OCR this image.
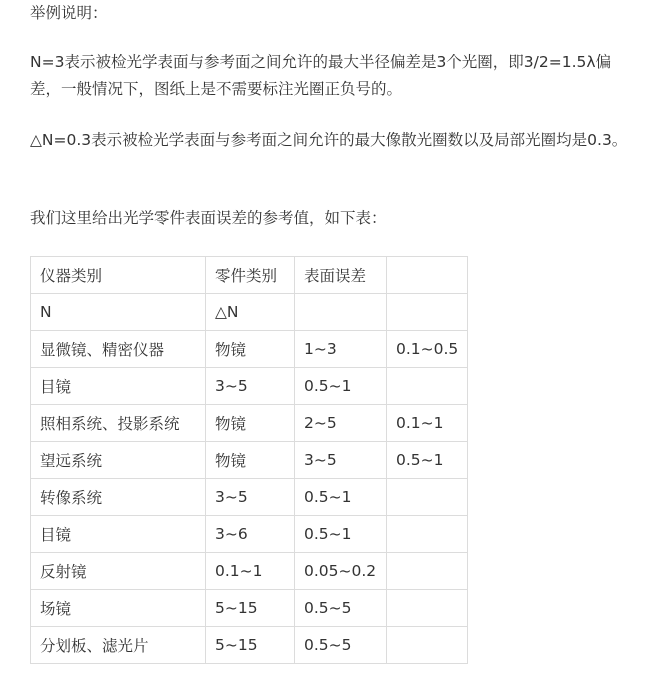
举例说明：

N=3表示被检光学表面与参考面之间允许的最大半径偏差是3个光圈，即3/2=1.5λ偏差，一般情况下，图纸上是不需要标注光圈正负号的。

△N=0.3表示被检光学表面与参考面之间允许的最大像散光圈数以及局部光圈均是0.3。

我们这里给出光学零件表面误差的参考值，如下表：

仪器类别	零件类别	表面误差	
N	△N		
显微镜、精密仪器	物镜	1~3	0.1~0.5
目镜	3~5	0.5~1	
照相系统、投影系统	物镜	2~5	0.1~1
望远系统	物镜	3~5	0.5~1
转像系统	3~5	0.5~1	
目镜	3~6	0.5~1	
反射镜	0.1~1	0.05~0.2	
场镜	5~15	0.5~5	
分划板、滤光片	5~15	0.5~5	
